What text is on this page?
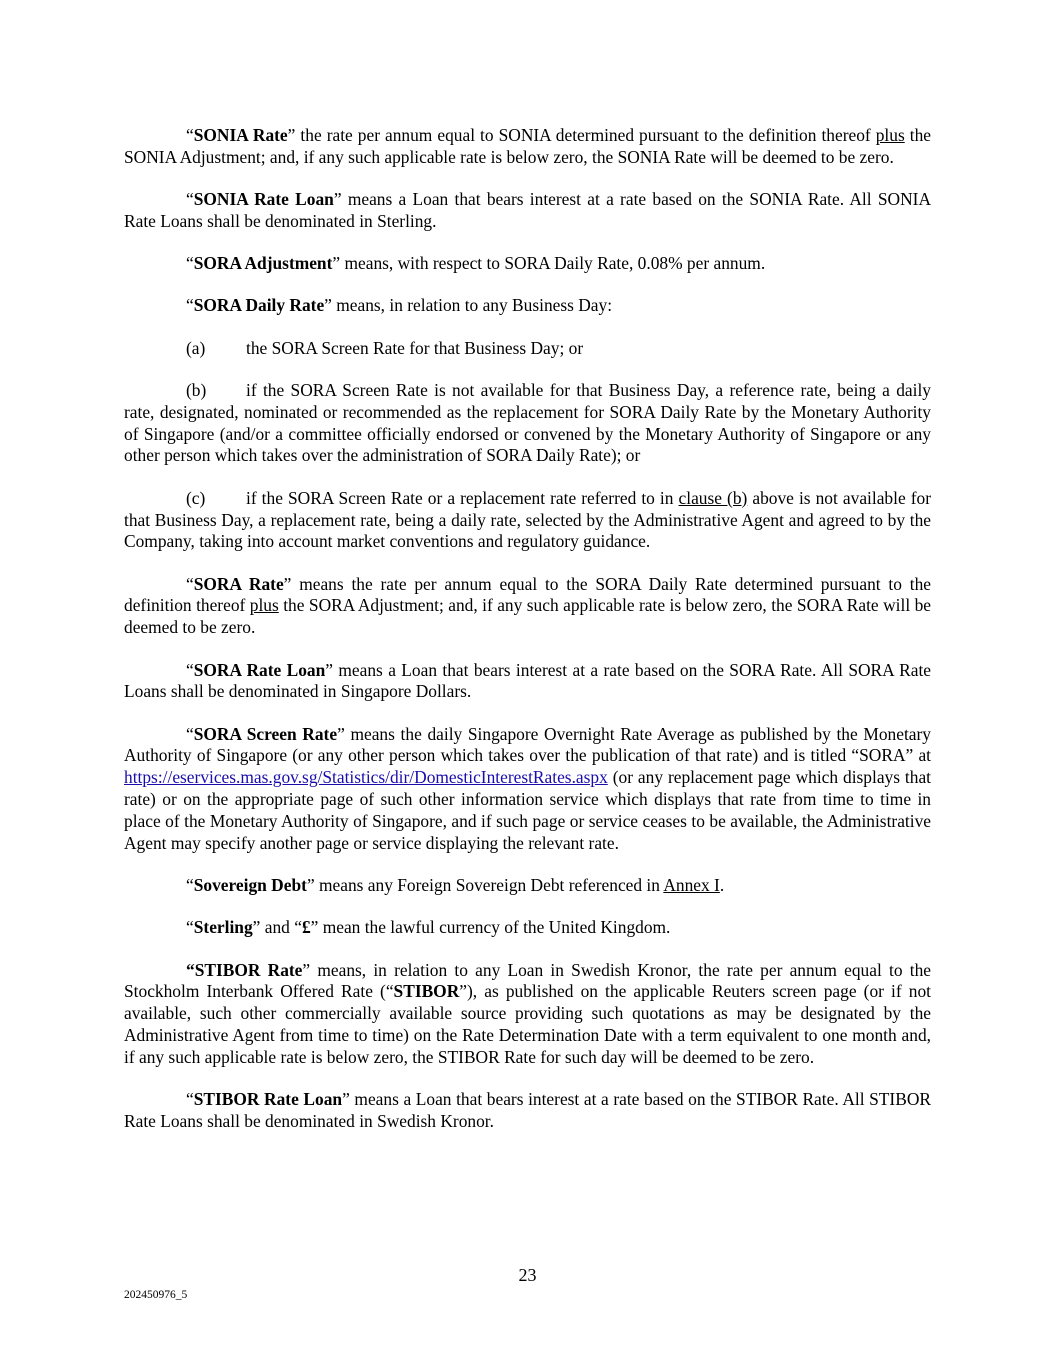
“SONIA Rate” the rate per annum equal to SONIA determined pursuant to the definition thereof plus the SONIA Adjustment; and, if any such applicable rate is below zero, the SONIA Rate will be deemed to be zero.

“SONIA Rate Loan” means a Loan that bears interest at a rate based on the SONIA Rate. All SONIA Rate Loans shall be denominated in Sterling.

“SORA Adjustment” means, with respect to SORA Daily Rate, 0.08% per annum.

“SORA Daily Rate” means, in relation to any Business Day:

(a) the SORA Screen Rate for that Business Day; or

(b) if the SORA Screen Rate is not available for that Business Day, a reference rate, being a daily rate, designated, nominated or recommended as the replacement for SORA Daily Rate by the Monetary Authority of Singapore (and/or a committee officially endorsed or convened by the Monetary Authority of Singapore or any other person which takes over the administration of SORA Daily Rate); or

(c) if the SORA Screen Rate or a replacement rate referred to in clause (b) above is not available for that Business Day, a replacement rate, being a daily rate, selected by the Administrative Agent and agreed to by the Company, taking into account market conventions and regulatory guidance.

“SORA Rate” means the rate per annum equal to the SORA Daily Rate determined pursuant to the definition thereof plus the SORA Adjustment; and, if any such applicable rate is below zero, the SORA Rate will be deemed to be zero.

“SORA Rate Loan” means a Loan that bears interest at a rate based on the SORA Rate. All SORA Rate Loans shall be denominated in Singapore Dollars.

“SORA Screen Rate” means the daily Singapore Overnight Rate Average as published by the Monetary Authority of Singapore (or any other person which takes over the publication of that rate) and is titled “SORA” at https://eservices.mas.gov.sg/Statistics/dir/DomesticInterestRates.aspx (or any replacement page which displays that rate) or on the appropriate page of such other information service which displays that rate from time to time in place of the Monetary Authority of Singapore, and if such page or service ceases to be available, the Administrative Agent may specify another page or service displaying the relevant rate.

“Sovereign Debt” means any Foreign Sovereign Debt referenced in Annex I.

“Sterling” and “£” mean the lawful currency of the United Kingdom.

“STIBOR Rate” means, in relation to any Loan in Swedish Kronor, the rate per annum equal to the Stockholm Interbank Offered Rate (“STIBOR”), as published on the applicable Reuters screen page (or if not available, such other commercially available source providing such quotations as may be designated by the Administrative Agent from time to time) on the Rate Determination Date with a term equivalent to one month and, if any such applicable rate is below zero, the STIBOR Rate for such day will be deemed to be zero.

“STIBOR Rate Loan” means a Loan that bears interest at a rate based on the STIBOR Rate. All STIBOR Rate Loans shall be denominated in Swedish Kronor.

23
202450976_5
